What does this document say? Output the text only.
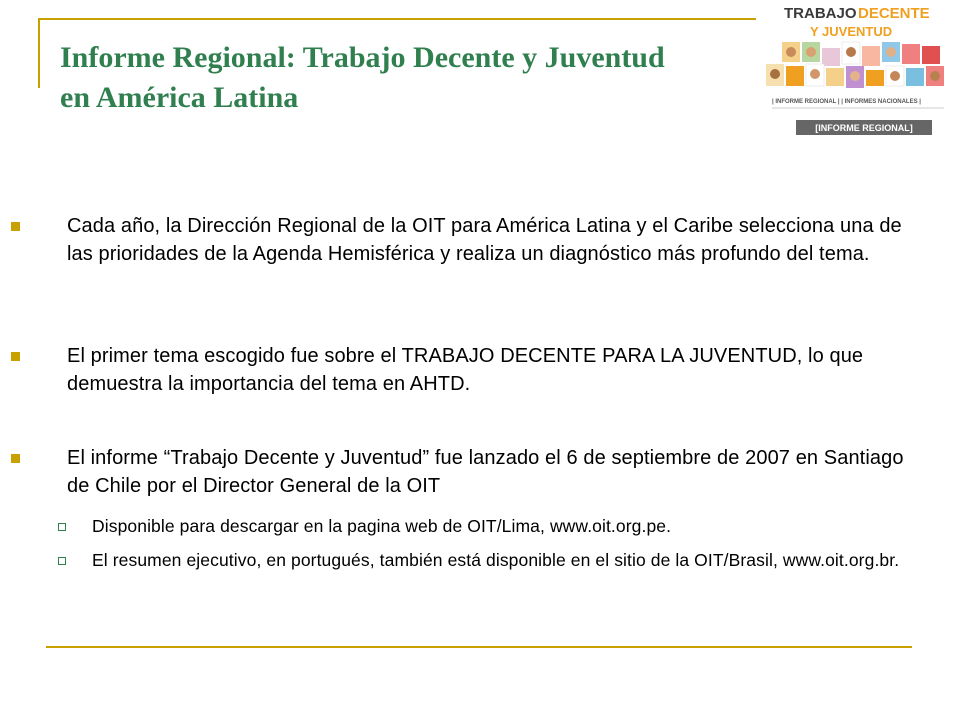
Informe Regional: Trabajo Decente y Juventud en América Latina
TRABAJO DECENTE
Y JUVENTUD
| INFORME REGIONAL | | INFORMES NACIONALES |
[INFORME REGIONAL]
Cada año, la Dirección Regional de la OIT para América Latina y el Caribe selecciona una de las prioridades de la Agenda Hemisférica y realiza un diagnóstico más profundo del tema.
El primer tema escogido fue sobre el TRABAJO DECENTE PARA LA JUVENTUD, lo que demuestra la importancia del tema en AHTD.
El informe “Trabajo Decente y Juventud” fue lanzado el 6 de septiembre de 2007 en Santiago de Chile por el Director General de la OIT
Disponible para descargar en la pagina web de OIT/Lima, www.oit.org.pe.
El resumen ejecutivo, en portugués, también está disponible en el sitio de la OIT/Brasil, www.oit.org.br.
